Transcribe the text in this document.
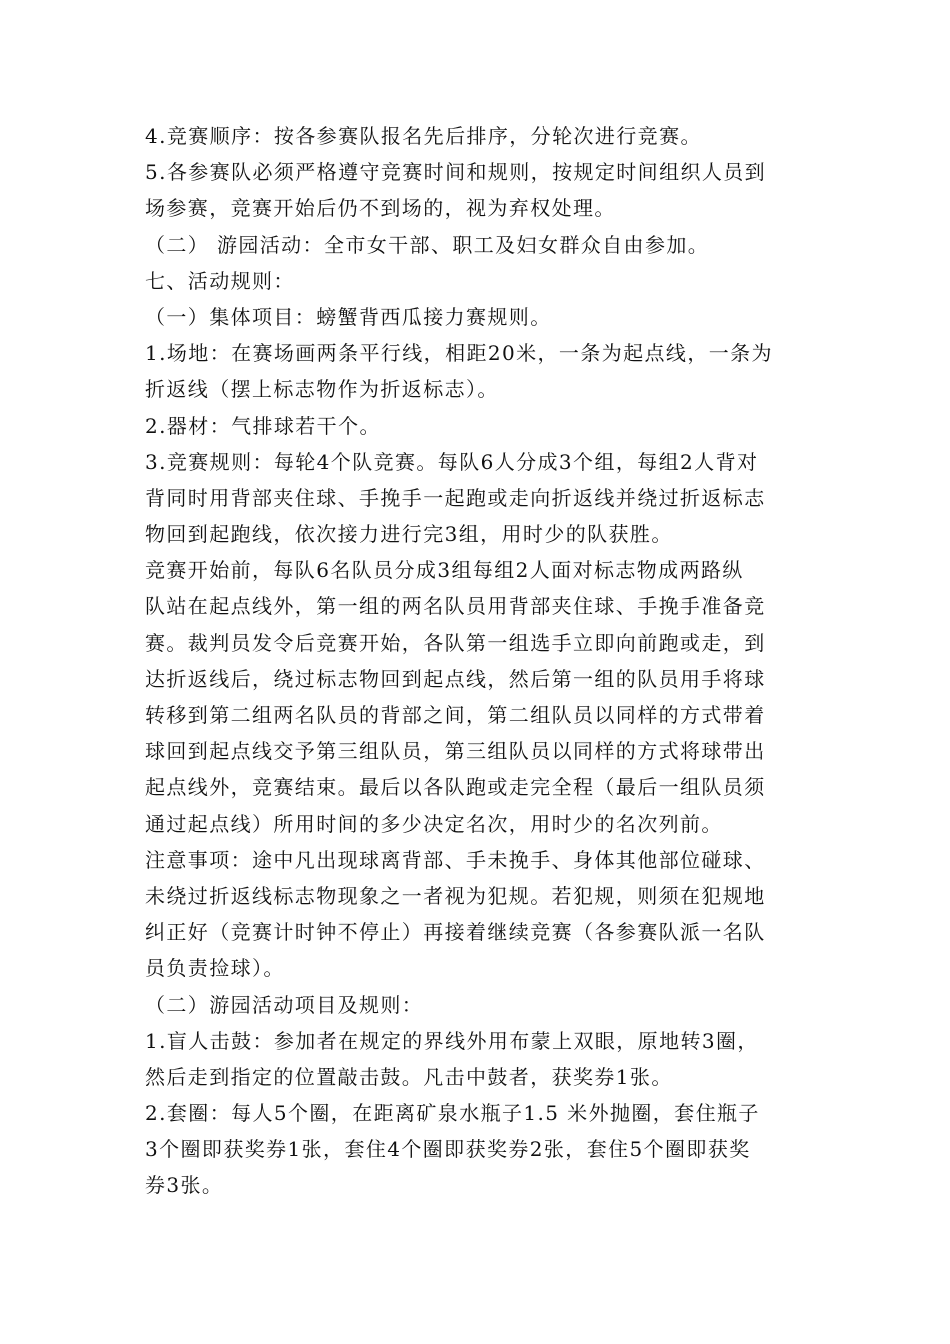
4.竞赛顺序：按各参赛队报名先后排序，分轮次进行竞赛。
5.各参赛队必须严格遵守竞赛时间和规则，按规定时间组织人员到
场参赛，竞赛开始后仍不到场的，视为弃权处理。
（二） 游园活动：全市女干部、职工及妇女群众自由参加。
七、活动规则：
（一）集体项目：螃蟹背西瓜接力赛规则。
1.场地：在赛场画两条平行线，相距20米，一条为起点线，一条为
折返线（摆上标志物作为折返标志）。
2.器材：气排球若干个。
3.竞赛规则：每轮4个队竞赛。每队6人分成3个组，每组2人背对
背同时用背部夹住球、手挽手一起跑或走向折返线并绕过折返标志
物回到起跑线，依次接力进行完3组，用时少的队获胜。
竞赛开始前，每队6名队员分成3组每组2人面对标志物成两路纵
队站在起点线外，第一组的两名队员用背部夹住球、手挽手准备竞
赛。裁判员发令后竞赛开始，各队第一组选手立即向前跑或走，到
达折返线后，绕过标志物回到起点线，然后第一组的队员用手将球
转移到第二组两名队员的背部之间，第二组队员以同样的方式带着
球回到起点线交予第三组队员，第三组队员以同样的方式将球带出
起点线外，竞赛结束。最后以各队跑或走完全程（最后一组队员须
通过起点线）所用时间的多少决定名次，用时少的名次列前。
注意事项：途中凡出现球离背部、手未挽手、身体其他部位碰球、
未绕过折返线标志物现象之一者视为犯规。若犯规，则须在犯规地
纠正好（竞赛计时钟不停止）再接着继续竞赛（各参赛队派一名队
员负责捡球）。
（二）游园活动项目及规则：
1.盲人击鼓：参加者在规定的界线外用布蒙上双眼，原地转3圈，
然后走到指定的位置敲击鼓。凡击中鼓者，获奖券1张。
2.套圈：每人5个圈，在距离矿泉水瓶子1.5 米外抛圈，套住瓶子
3个圈即获奖券1张，套住4个圈即获奖券2张，套住5个圈即获奖
券3张。
